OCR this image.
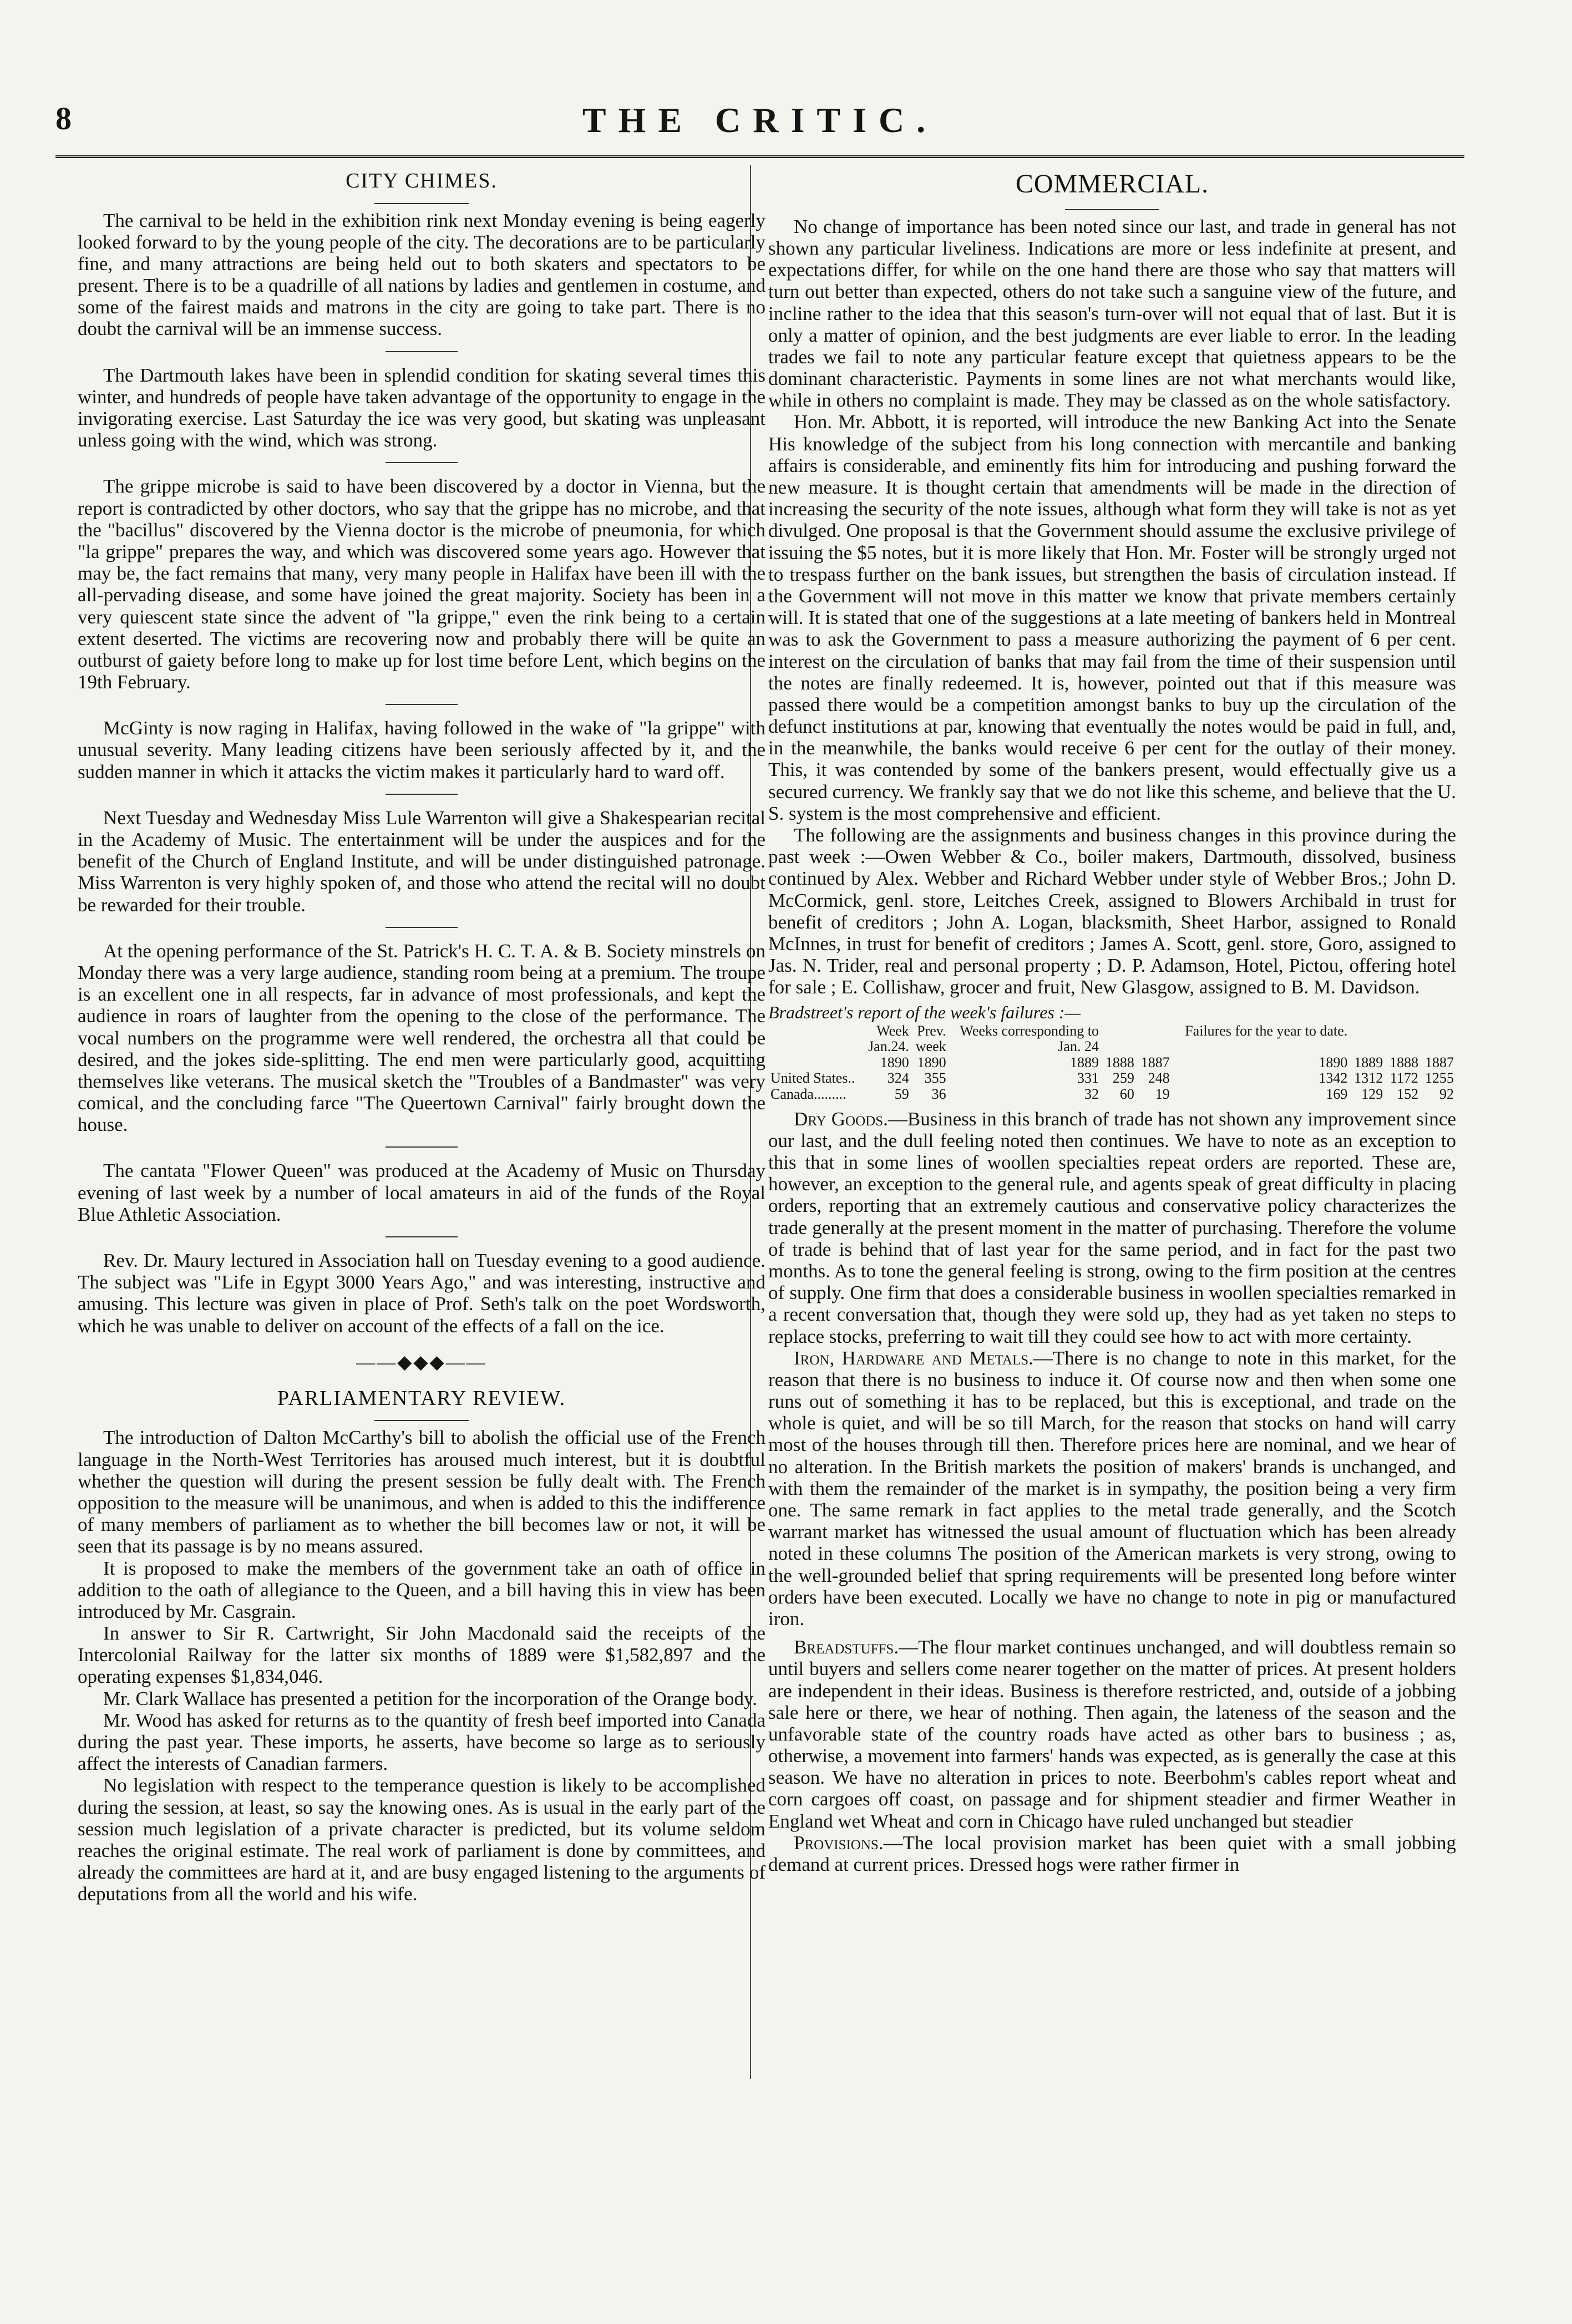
8	THE CRITIC.
CITY CHIMES.

The carnival to be held in the exhibition rink next Monday evening is being eagerly looked forward to by the young people of the city. The decorations are to be particularly fine, and many attractions are being held out to both skaters and spectators to be present. There is to be a quadrille of all nations by ladies and gentlemen in costume, and some of the fairest maids and matrons in the city are going to take part. There is no doubt the carnival will be an immense success.

The Dartmouth lakes have been in splendid condition for skating several times this winter, and hundreds of people have taken advantage of the opportunity to engage in the invigorating exercise. Last Saturday the ice was very good, but skating was unpleasant unless going with the wind, which was strong.

The grippe microbe is said to have been discovered by a doctor in Vienna, but the report is contradicted by other doctors, who say that the grippe has no microbe, and that the "bacillus" discovered by the Vienna doctor is the microbe of pneumonia, for which "la grippe" prepares the way, and which was discovered some years ago. However that may be, the fact remains that many, very many people in Halifax have been ill with the all-pervading disease, and some have joined the great majority. Society has been in a very quiescent state since the advent of "la grippe," even the rink being to a certain extent deserted. The victims are recovering now and probably there will be quite an outburst of gaiety before long to make up for lost time before Lent, which begins on the 19th February.

McGinty is now raging in Halifax, having followed in the wake of "la grippe" with unusual severity. Many leading citizens have been seriously affected by it, and the sudden manner in which it attacks the victim makes it particularly hard to ward off.

Next Tuesday and Wednesday Miss Lule Warrenton will give a Shakespearian recital in the Academy of Music. The entertainment will be under the auspices and for the benefit of the Church of England Institute, and will be under distinguished patronage. Miss Warrenton is very highly spoken of, and those who attend the recital will no doubt be rewarded for their trouble.

At the opening performance of the St. Patrick's H. C. T. A. & B. Society minstrels on Monday there was a very large audience, standing room being at a premium. The troupe is an excellent one in all respects, far in advance of most professionals, and kept the audience in roars of laughter from the opening to the close of the performance. The vocal numbers on the programme were well rendered, the orchestra all that could be desired, and the jokes side-splitting. The end men were particularly good, acquitting themselves like veterans. The musical sketch the "Troubles of a Bandmaster" was very comical, and the concluding farce "The Queertown Carnival" fairly brought down the house.

The cantata "Flower Queen" was produced at the Academy of Music on Thursday evening of last week by a number of local amateurs in aid of the funds of the Royal Blue Athletic Association.

Rev. Dr. Maury lectured in Association hall on Tuesday evening to a good audience. The subject was "Life in Egypt 3000 Years Ago," and was interesting, instructive and amusing. This lecture was given in place of Prof. Seth's talk on the poet Wordsworth, which he was unable to deliver on account of the effects of a fall on the ice.

——◆◆◆——
PARLIAMENTARY REVIEW.

The introduction of Dalton McCarthy's bill to abolish the official use of the French language in the North-West Territories has aroused much interest, but it is doubtful whether the question will during the present session be fully dealt with. The French opposition to the measure will be unanimous, and when is added to this the indifference of many members of parliament as to whether the bill becomes law or not, it will be seen that its passage is by no means assured.

It is proposed to make the members of the government take an oath of office in addition to the oath of allegiance to the Queen, and a bill having this in view has been introduced by Mr. Casgrain.

In answer to Sir R. Cartwright, Sir John Macdonald said the receipts of the Intercolonial Railway for the latter six months of 1889 were $1,582,897 and the operating expenses $1,834,046.

Mr. Clark Wallace has presented a petition for the incorporation of the Orange body.

Mr. Wood has asked for returns as to the quantity of fresh beef imported into Canada during the past year. These imports, he asserts, have become so large as to seriously affect the interests of Canadian farmers.

No legislation with respect to the temperance question is likely to be accomplished during the session, at least, so say the knowing ones. As is usual in the early part of the session much legislation of a private character is predicted, but its volume seldom reaches the original estimate. The real work of parliament is done by committees, and already the committees are hard at it, and are busy engaged listening to the arguments of deputations from all the world and his wife.

COMMERCIAL.

No change of importance has been noted since our last, and trade in general has not shown any particular liveliness. Indications are more or less indefinite at present, and expectations differ, for while on the one hand there are those who say that matters will turn out better than expected, others do not take such a sanguine view of the future, and incline rather to the idea that this season's turn-over will not equal that of last. But it is only a matter of opinion, and the best judgments are ever liable to error. In the leading trades we fail to note any particular feature except that quietness appears to be the dominant characteristic. Payments in some lines are not what merchants would like, while in others no complaint is made. They may be classed as on the whole satisfactory.

Hon. Mr. Abbott, it is reported, will introduce the new Banking Act into the Senate His knowledge of the subject from his long connection with mercantile and banking affairs is considerable, and eminently fits him for introducing and pushing forward the new measure. It is thought certain that amendments will be made in the direction of increasing the security of the note issues, although what form they will take is not as yet divulged. One proposal is that the Government should assume the exclusive privilege of issuing the $5 notes, but it is more likely that Hon. Mr. Foster will be strongly urged not to trespass further on the bank issues, but strengthen the basis of circulation instead. If the Government will not move in this matter we know that private members certainly will. It is stated that one of the suggestions at a late meeting of bankers held in Montreal was to ask the Government to pass a measure authorizing the payment of 6 per cent. interest on the circulation of banks that may fail from the time of their suspension until the notes are finally redeemed. It is, however, pointed out that if this measure was passed there would be a competition amongst banks to buy up the circulation of the defunct institutions at par, knowing that eventually the notes would be paid in full, and, in the meanwhile, the banks would receive 6 per cent for the outlay of their money. This, it was contended by some of the bankers present, would effectually give us a secured currency. We frankly say that we do not like this scheme, and believe that the U. S. system is the most comprehensive and efficient.

The following are the assignments and business changes in this province during the past week :—Owen Webber & Co., boiler makers, Dartmouth, dissolved, business continued by Alex. Webber and Richard Webber under style of Webber Bros.; John D. McCormick, genl. store, Leitches Creek, assigned to Blowers Archibald in trust for benefit of creditors ; John A. Logan, blacksmith, Sheet Harbor, assigned to Ronald McInnes, in trust for benefit of creditors ; James A. Scott, genl. store, Goro, assigned to Jas. N. Trider, real and personal property ; D. P. Adamson, Hotel, Pictou, offering hotel for sale ; E. Collishaw, grocer and fruit, New Glasgow, assigned to B. M. Davidson.

Bradstreet's report of the week's failures :—
	Week	Prev.	Weeks corresponding to			Failures for the year to date.			
	Jan.24.	week	Jan. 24						
	1890	1890	1889	1888	1887	1890	1889	1888	1887
United States..	324	355	331	259	248	1342	1312	1172	1255
Canada.........	59	36	32	60	19	169	129	152	92

Dry Goods.—Business in this branch of trade has not shown any improvement since our last, and the dull feeling noted then continues. We have to note as an exception to this that in some lines of woollen specialties repeat orders are reported. These are, however, an exception to the general rule, and agents speak of great difficulty in placing orders, reporting that an extremely cautious and conservative policy characterizes the trade generally at the present moment in the matter of purchasing. Therefore the volume of trade is behind that of last year for the same period, and in fact for the past two months. As to tone the general feeling is strong, owing to the firm position at the centres of supply. One firm that does a considerable business in woollen specialties remarked in a recent conversation that, though they were sold up, they had as yet taken no steps to replace stocks, preferring to wait till they could see how to act with more certainty.

Iron, Hardware and Metals.—There is no change to note in this market, for the reason that there is no business to induce it. Of course now and then when some one runs out of something it has to be replaced, but this is exceptional, and trade on the whole is quiet, and will be so till March, for the reason that stocks on hand will carry most of the houses through till then. Therefore prices here are nominal, and we hear of no alteration. In the British markets the position of makers' brands is unchanged, and with them the remainder of the market is in sympathy, the position being a very firm one. The same remark in fact applies to the metal trade generally, and the Scotch warrant market has witnessed the usual amount of fluctuation which has been already noted in these columns The position of the American markets is very strong, owing to the well-grounded belief that spring requirements will be presented long before winter orders have been executed. Locally we have no change to note in pig or manufactured iron.

Breadstuffs.—The flour market continues unchanged, and will doubtless remain so until buyers and sellers come nearer together on the matter of prices. At present holders are independent in their ideas. Business is therefore restricted, and, outside of a jobbing sale here or there, we hear of nothing. Then again, the lateness of the season and the unfavorable state of the country roads have acted as other bars to business ; as, otherwise, a movement into farmers' hands was expected, as is generally the case at this season. We have no alteration in prices to note. Beerbohm's cables report wheat and corn cargoes off coast, on passage and for shipment steadier and firmer Weather in England wet Wheat and corn in Chicago have ruled unchanged but steadier

Provisions.—The local provision market has been quiet with a small jobbing demand at current prices. Dressed hogs were rather firmer in
